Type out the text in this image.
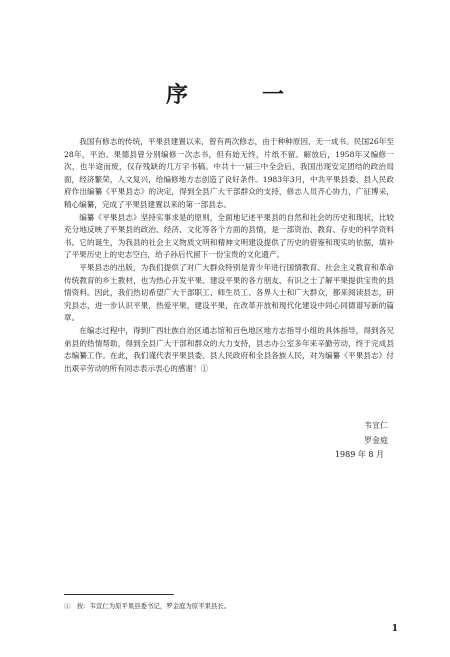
序　一

我国有修志的传统，平果县建置以来，曾有两次修志，由于种种原因，无一成书。民国26年至28年，平治、果德县曾分别编修一次志书，但有始无终，片纸不留。解放后，1958年又编修一次，也半途而废，仅存残缺的几万字书稿。中共十一届三中全会后，我国出现安定团结的政治局面，经济繁荣，人文复兴，给编修地方志创造了良好条件。1983年3月，中共平果县委、县人民政府作出编纂《平果县志》的决定，得到全县广大干部群众的支持，修志人员齐心协力，广征博采，精心编纂，完成了平果县建置以来的第一部县志。

编纂《平果县志》坚持实事求是的原则，全面地记述平果县的自然和社会的历史和现状，比较充分地反映了平果县的政治、经济、文化等各个方面的县情，是一部资治、教育、存史的科学资料书。它的诞生，为我县的社会主义物质文明和精神文明建设提供了历史的借鉴和现实的依据，填补了平果历史上的史志空白，给子孙后代留下一份宝贵的文化遗产。

平果县志的出版，为我们提供了对广大群众特别是青少年进行国情教育、社会主义教育和革命传统教育的乡土教材，也为热心开发平果、建设平果的各方朋友、有识之士了解平果提供宝贵的县情资料。因此，我们热切希望广大干部职工、师生员工、各界人士和广大群众，都来阅读县志，研究县志，进一步认识平果，热爱平果，建设平果，在改革开放和现代化建设中同心同德谱写新的篇章。

在编志过程中，得到广西壮族自治区通志馆和百色地区地方志指导小组的具体指导，得到各兄弟县的热情帮助，得到全县广大干部和群众的大力支持，县志办公室多年来辛勤劳动，终于完成县志编纂工作。在此，我们谨代表平果县委、县人民政府和全县各族人民，对为编纂《平果县志》付出艰辛劳动的所有同志表示衷心的感谢！①

韦宣仁
罗金庭
1989 年 8 月
①　按：韦宣仁为原平果县委书记，罗金庭为原平果县长。
1
